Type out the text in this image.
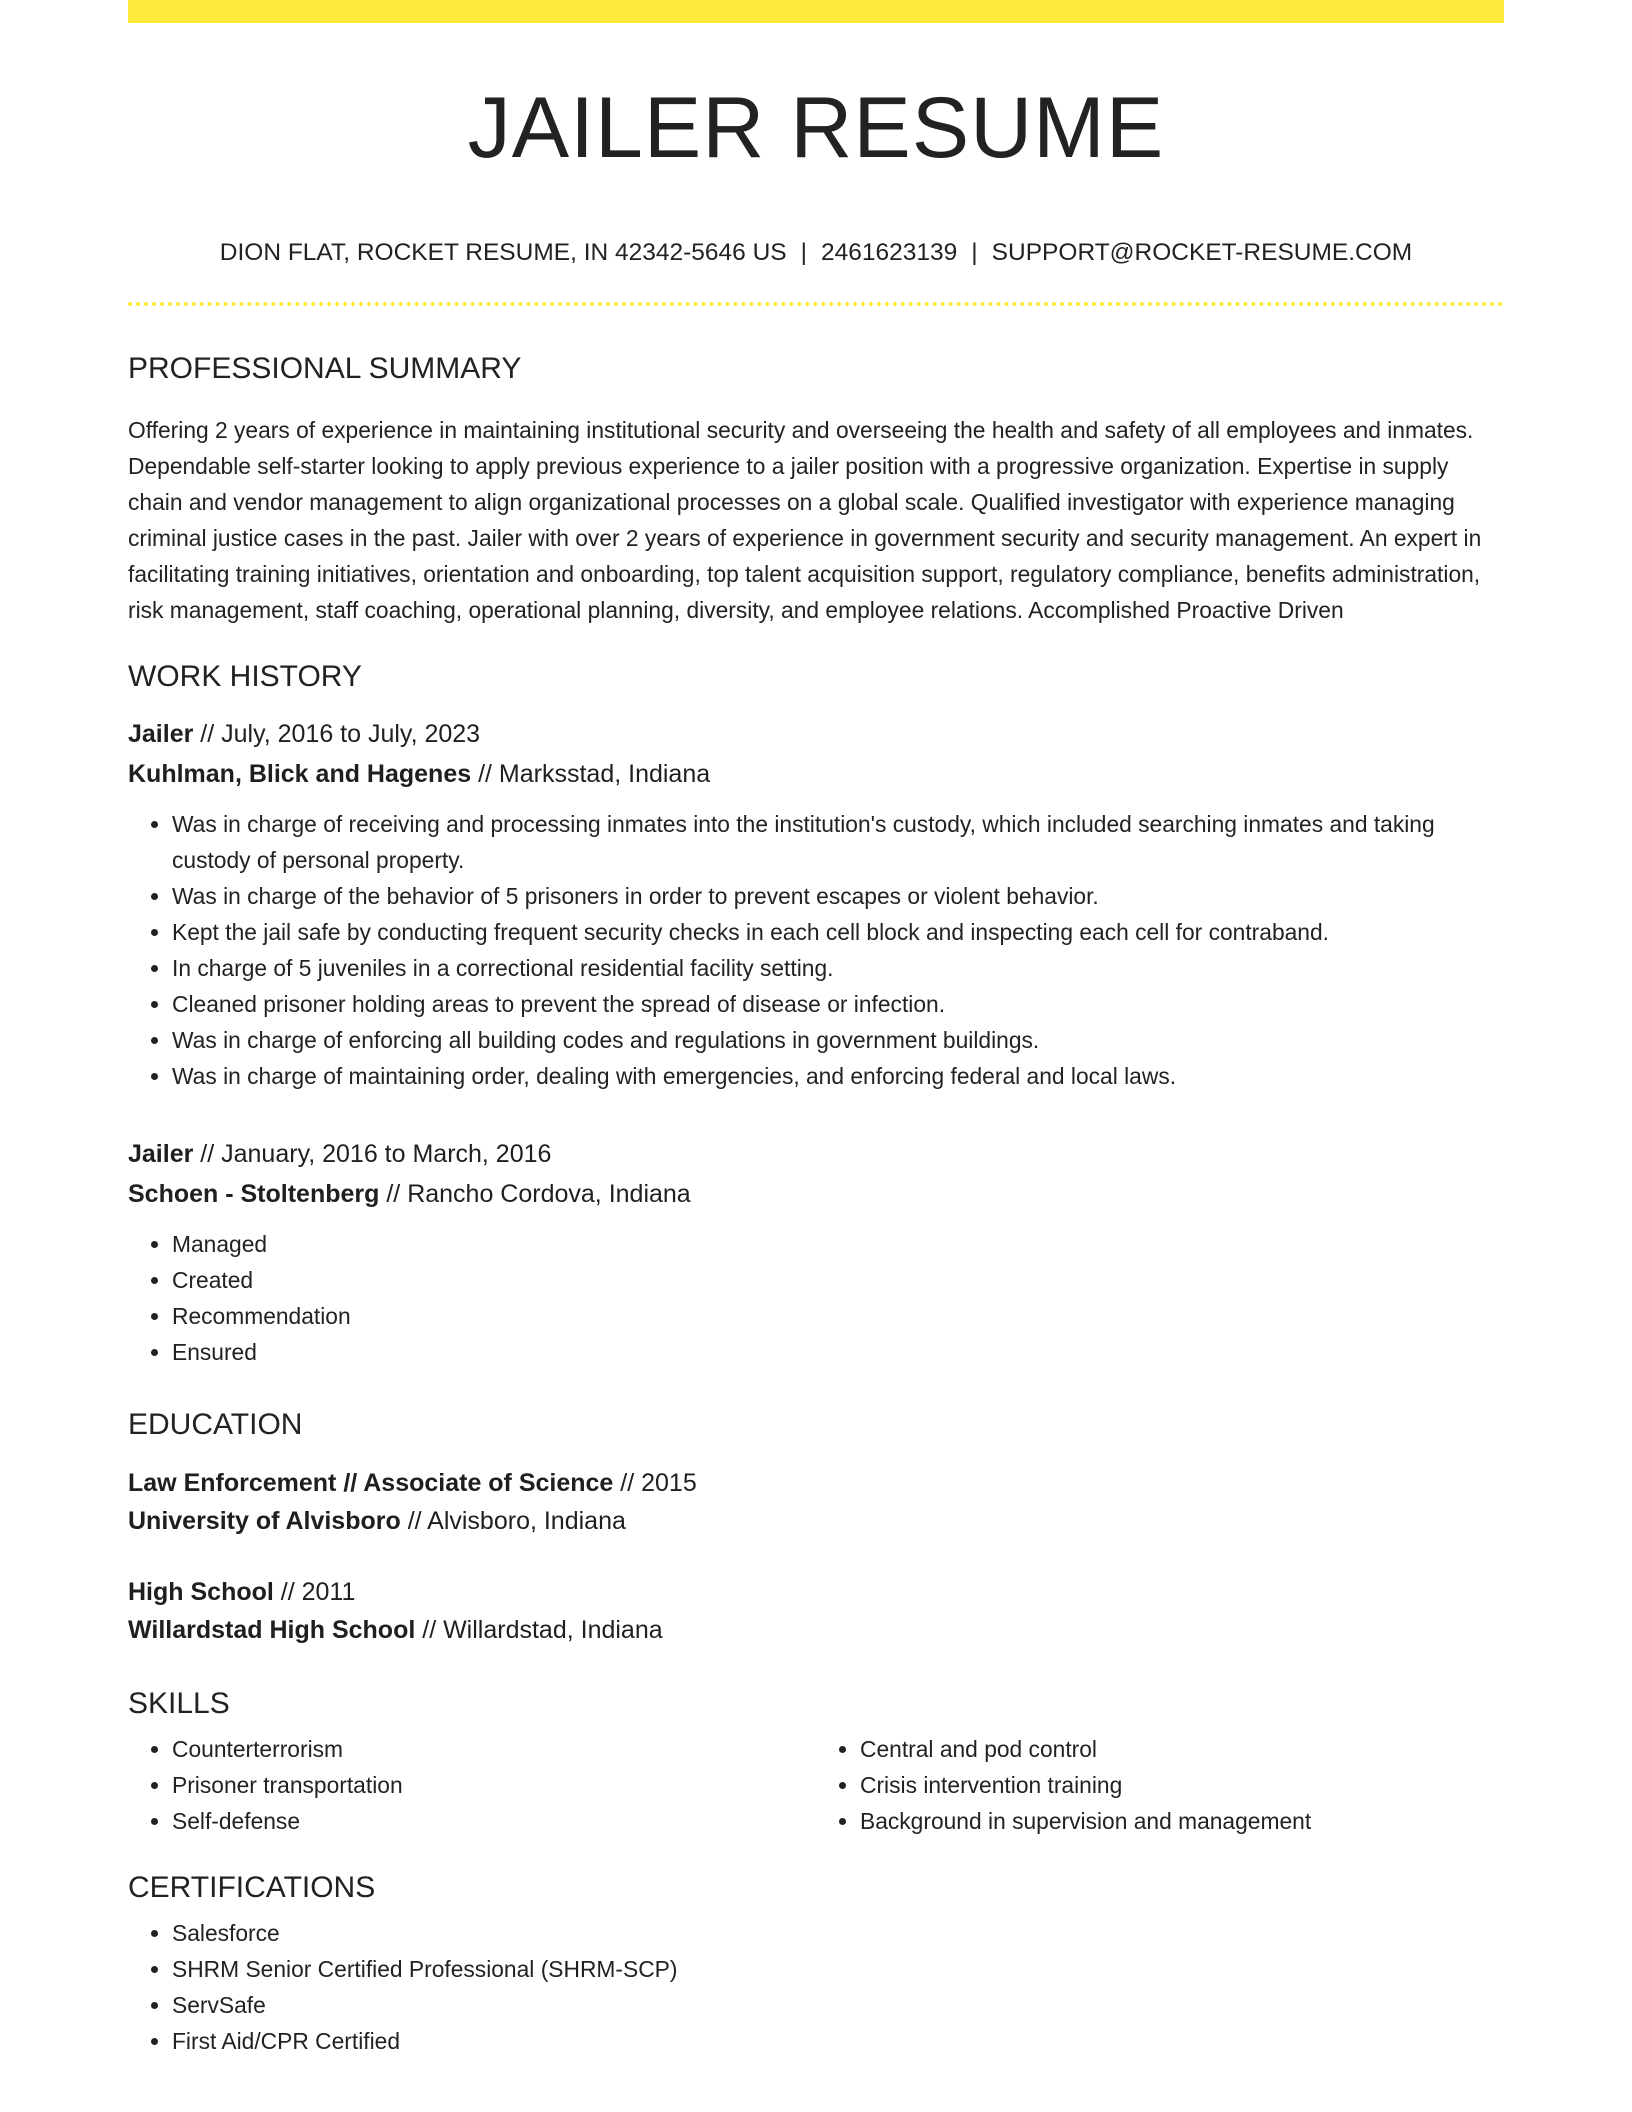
JAILER RESUME
DION FLAT, ROCKET RESUME, IN 42342-5646 US | 2461623139 | SUPPORT@ROCKET-RESUME.COM
PROFESSIONAL SUMMARY
Offering 2 years of experience in maintaining institutional security and overseeing the health and safety of all employees and inmates. Dependable self-starter looking to apply previous experience to a jailer position with a progressive organization. Expertise in supply chain and vendor management to align organizational processes on a global scale. Qualified investigator with experience managing criminal justice cases in the past. Jailer with over 2 years of experience in government security and security management. An expert in facilitating training initiatives, orientation and onboarding, top talent acquisition support, regulatory compliance, benefits administration, risk management, staff coaching, operational planning, diversity, and employee relations. Accomplished Proactive Driven
WORK HISTORY
Jailer // July, 2016 to July, 2023
Kuhlman, Blick and Hagenes // Marksstad, Indiana
• Was in charge of receiving and processing inmates into the institution's custody, which included searching inmates and taking custody of personal property.
• Was in charge of the behavior of 5 prisoners in order to prevent escapes or violent behavior.
• Kept the jail safe by conducting frequent security checks in each cell block and inspecting each cell for contraband.
• In charge of 5 juveniles in a correctional residential facility setting.
• Cleaned prisoner holding areas to prevent the spread of disease or infection.
• Was in charge of enforcing all building codes and regulations in government buildings.
• Was in charge of maintaining order, dealing with emergencies, and enforcing federal and local laws.
Jailer // January, 2016 to March, 2016
Schoen - Stoltenberg // Rancho Cordova, Indiana
• Managed
• Created
• Recommendation
• Ensured
EDUCATION
Law Enforcement // Associate of Science // 2015
University of Alvisboro // Alvisboro, Indiana
High School // 2011
Willardstad High School // Willardstad, Indiana
SKILLS
• Counterterrorism
• Prisoner transportation
• Self-defense
• Central and pod control
• Crisis intervention training
• Background in supervision and management
CERTIFICATIONS
• Salesforce
• SHRM Senior Certified Professional (SHRM-SCP)
• ServSafe
• First Aid/CPR Certified
